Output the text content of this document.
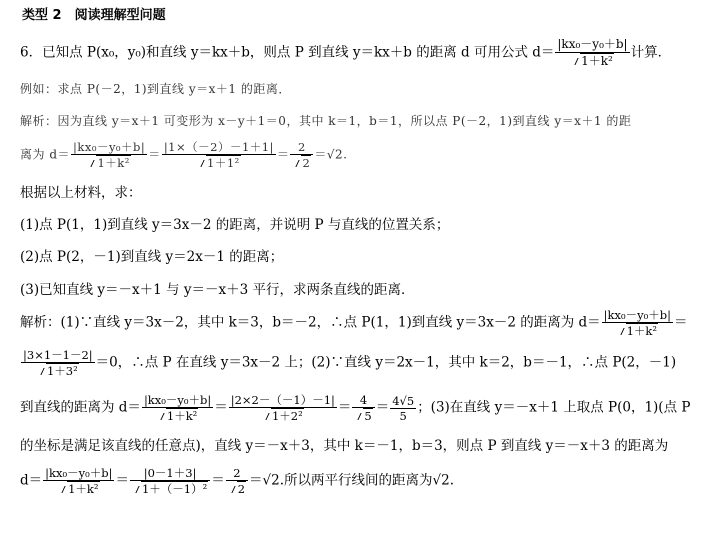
类型 2　阅读理解型问题
6．已知点 P(x₀，y₀)和直线 y＝kx＋b，则点 P 到直线 y＝kx＋b 的距离 d 可用公式 $d= \frac{\text{|kx₀－y₀＋b|}}{\text{1＋k²}}$ 计算．
例如：求点 P(－2，1)到直线 y＝x＋1 的距离．
解析：因为直线 y＝x＋1 可变形为 x－y＋1＝0，其中 k＝1，b＝1，所以点 P(－2，1)到直线 y＝x＋1 的距
离为 $d= \frac{\text{|kx₀－y₀＋b|}}{\text{1＋k²}} = \frac{|1\times(-2)-1+1|}{\text{1＋1²}} = \frac{2}{2} =√2$.
根据以上材料，求：
(1)点 P(1，1)到直线 y＝3x－2 的距离，并说明 P 与直线的位置关系；
(2)点 P(2，－1)到直线 y＝2x－1 的距离；
(3)已知直线 y＝－x＋1 与 y＝－x＋3 平行，求两条直线的距离．
解析：(1)∵直线 y＝3x－2，其中 k＝3，b＝－2，∴点 P(1，1)到直线 y＝3x－2 的距离为 $d= \frac{\text{|kx₀－y₀＋b|}}{\text{1＋k²}}$ ＝
$\frac{|3\times 1-1-2|}{\text{1＋3²}} =0$，∴点 P 在直线 y＝3x－2 上；(2)∵直线 y＝2x－1，其中 k＝2，b＝－1，∴点 P(2，－1)
到直线的距离为 $d= \frac{\text{|kx₀－y₀＋b|}}{\text{1＋k²}} = \frac{|2\times 2-(-1)-1|}{\text{1＋2²}} = \frac{4}{5} = \frac{4√5}{5}$ ；(3)在直线 y＝－x＋1 上取点 P(0，1)(点 P
的坐标是满足该直线的任意点)，直线 y＝－x＋3，其中 k＝－1，b＝3，则点 P 到直线 y＝－x＋3 的距离为
$d= \frac{\text{|kx₀－y₀＋b|}}{\text{1＋k²}} = \frac{|0-1+3|}{\text{1＋（－1）²}} = \frac{2}{2} =√2$.所以两平行线间的距离为√2.
